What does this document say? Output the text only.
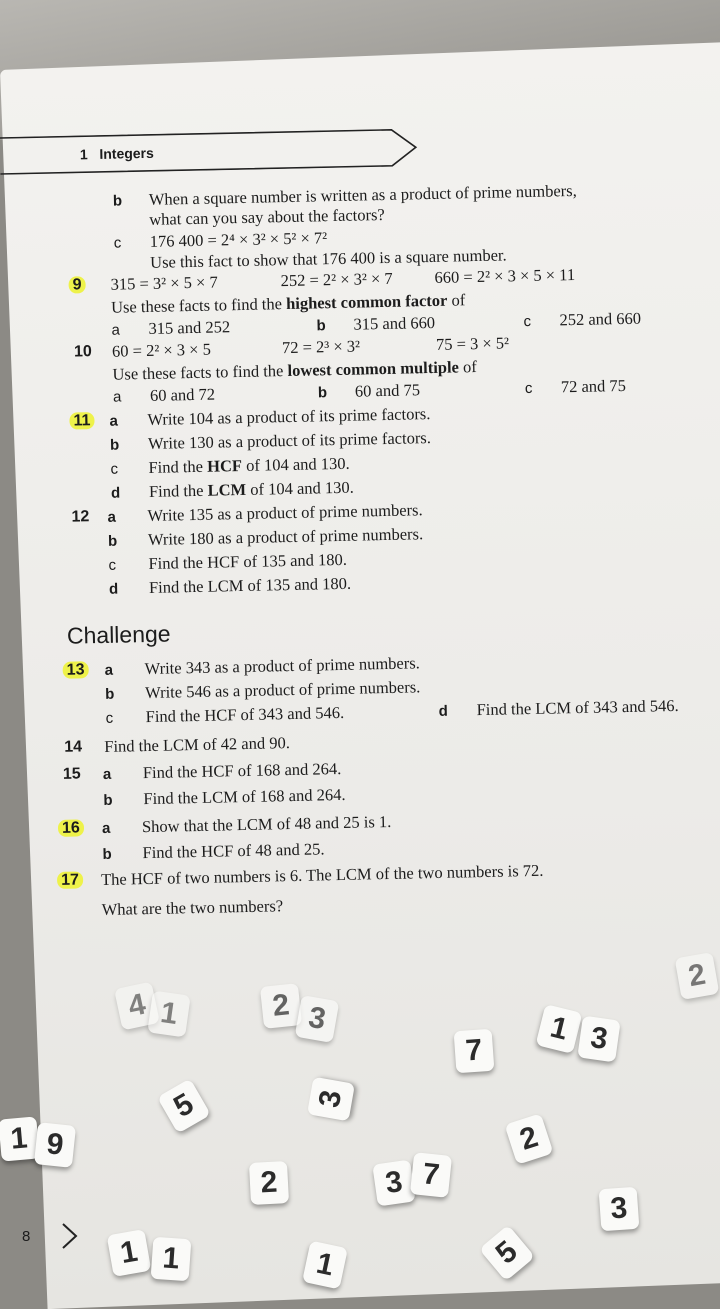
1 Integers
b When a square number is written as a product of prime numbers,
what can you say about the factors?
c 176 400 = 2⁴ × 3² × 5² × 7²
Use this fact to show that 176 400 is a square number.
9 315 = 3² × 5 × 7	252 = 2² × 3² × 7	660 = 2² × 3 × 5 × 11
Use these facts to find the highest common factor of
a 315 and 252	b 315 and 660	c 252 and 660
10 60 = 2² × 3 × 5	72 = 2³ × 3²	75 = 3 × 5²
Use these facts to find the lowest common multiple of
a 60 and 72	b 60 and 75	c 72 and 75
11 a Write 104 as a product of its prime factors.
b Write 130 as a product of its prime factors.
c Find the HCF of 104 and 130.
d Find the LCM of 104 and 130.
12 a Write 135 as a product of prime numbers.
b Write 180 as a product of prime numbers.
c Find the HCF of 135 and 180.
d Find the LCM of 135 and 180.
Challenge
13 a Write 343 as a product of prime numbers.
b Write 546 as a product of prime numbers.
c Find the HCF of 343 and 546.	d Find the LCM of 343 and 546.
14 Find the LCM of 42 and 90.
15 a Find the HCF of 168 and 264.
b Find the LCM of 168 and 264.
16 a Show that the LCM of 48 and 25 is 1.
b Find the HCF of 48 and 25.
17 The HCF of two numbers is 6. The LCM of the two numbers is 72.
What are the two numbers?
4 1	2 3
7
1 3
2
5	3
1 9	2
2	3 7
3
1 1	5
1
8
